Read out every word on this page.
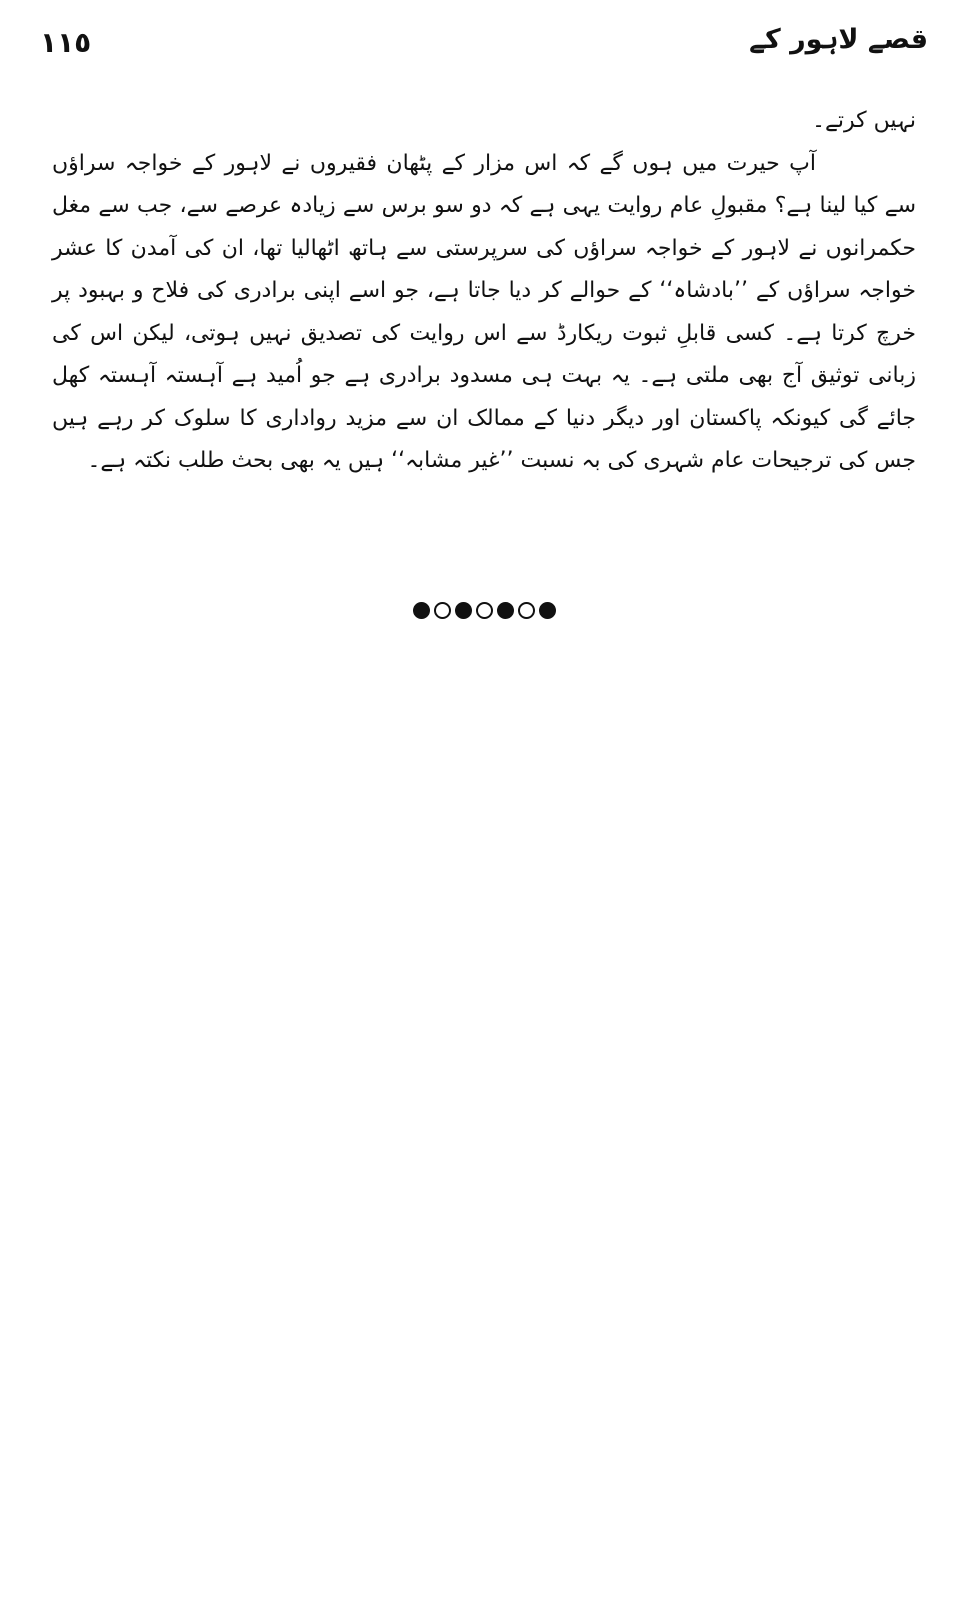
١١٥	قصے لاہور کے

نہیں کرتے۔

آپ حیرت میں ہوں گے کہ اس مزار کے پٹھان فقیروں نے لاہور کے خواجہ سراؤں سے کیا لینا ہے؟ مقبولِ عام روایت یہی ہے کہ دو سو برس سے زیادہ عرصے سے، جب سے مغل حکمرانوں نے لاہور کے خواجہ سراؤں کی سرپرستی سے ہاتھ اٹھالیا تھا، ان کی آمدن کا عشر خواجہ سراؤں کے ’’بادشاہ‘‘ کے حوالے کر دیا جاتا ہے، جو اسے اپنی برادری کی فلاح و بہبود پر خرچ کرتا ہے۔ کسی قابلِ ثبوت ریکارڈ سے اس روایت کی تصدیق نہیں ہوتی، لیکن اس کی زبانی توثیق آج بھی ملتی ہے۔ یہ بہت ہی مسدود برادری ہے جو اُمید ہے آہستہ آہستہ کھل جائے گی کیونکہ پاکستان اور دیگر دنیا کے ممالک ان سے مزید رواداری کا سلوک کر رہے ہیں جس کی ترجیحات عام شہری کی بہ نسبت ’’غیر مشابہ‘‘ ہیں یہ بھی بحث طلب نکتہ ہے۔
